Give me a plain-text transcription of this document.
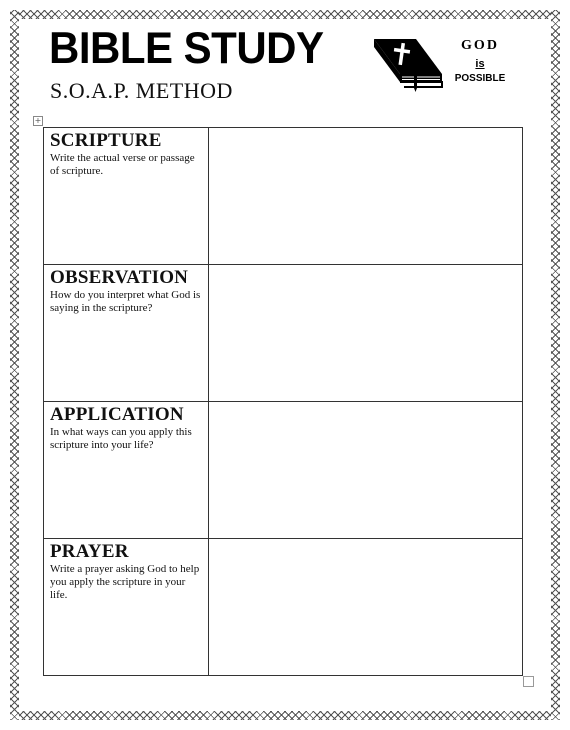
BIBLE STUDY
S.O.A.P. METHOD
GOD
is
POSSIBLE
+

SCRIPTURE

Write the actual verse or passage of scripture.	

OBSERVATION

How do you interpret what God is saying in the scripture?	

APPLICATION

In what ways can you apply this scripture into your life?	

PRAYER

Write a prayer asking God to help you apply the scripture in your life.	
